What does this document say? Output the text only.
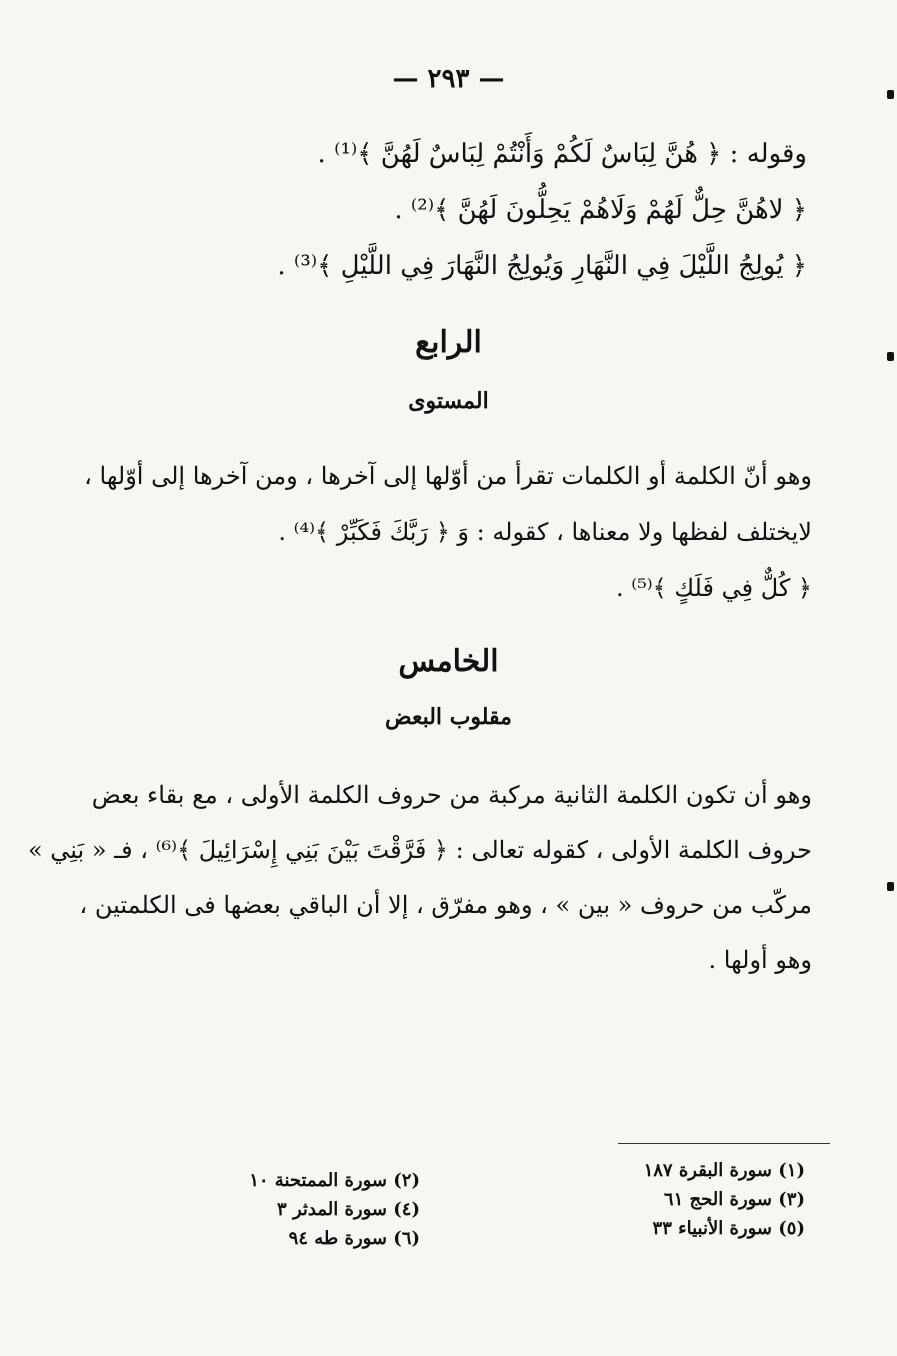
— ٢٩٣ —
وقوله : ﴿ هُنَّ لِبَاسٌ لَكُمْ وَأَنْتُمْ لِبَاسٌ لَهُنَّ ﴾⁽¹⁾ .
﴿ لاهُنَّ حِلٌّ لَهُمْ وَلَاهُمْ يَحِلُّونَ لَهُنَّ ﴾⁽²⁾ .
﴿ يُولِجُ اللَّيْلَ فِي النَّهَارِ وَيُولِجُ النَّهَارَ فِي اللَّيْلِ ﴾⁽³⁾ .
الرابع
المستوى
وهو أنّ الكلمة أو الكلمات تقرأ من أوّلها إلى آخرها ، ومن آخرها إلى أوّلها ،
لايختلف لفظها ولا معناها ، كقوله : وَ ﴿ رَبَّكَ فَكَبِّرْ ﴾⁽⁴⁾ .
﴿ كُلٌّ فِي فَلَكٍ ﴾⁽⁵⁾ .
الخامس
مقلوب البعض
وهو أن تكون الكلمة الثانية مركبة من حروف الكلمة الأولى ، مع بقاء بعض
حروف الكلمة الأولى ، كقوله تعالى : ﴿ فَرَّقْتَ بَيْنَ بَنِي إِسْرَائِيلَ ﴾⁽⁶⁾ ، فـ « بَنِي »
مركّب من حروف « بين » ، وهو مفرّق ، إلا أن الباقي بعضها فى الكلمتين ،
وهو أولها .
(١) سورة البقرة ١٨٧
(٣) سورة الحج ٦١
(٥) سورة الأنبياء ٣٣
(٢) سورة الممتحنة ١٠
(٤) سورة المدثر ٣
(٦) سورة طه ٩٤
